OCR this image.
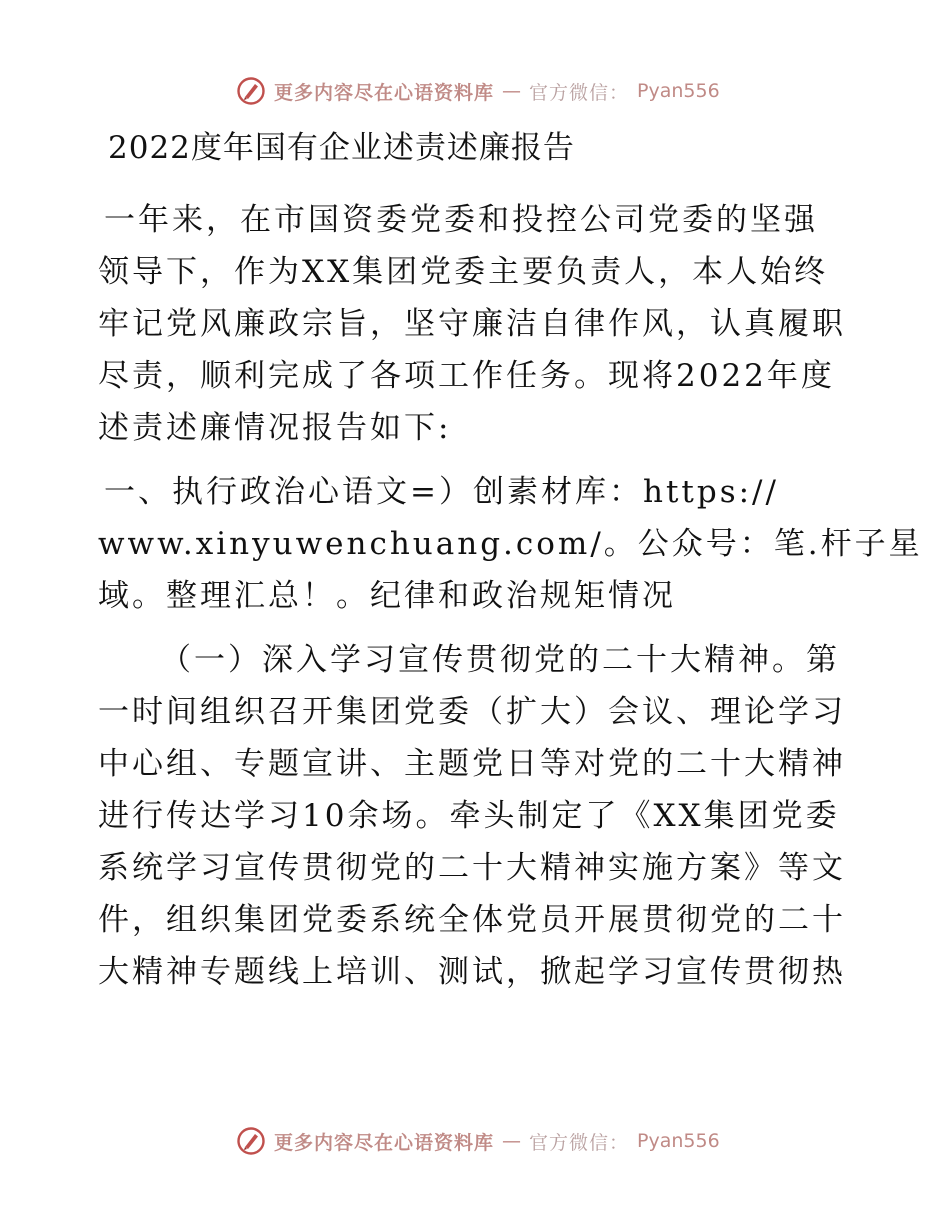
更多内容尽在心语资料库 — 官方微信： Pyan556
2022度年国有企业述责述廉报告
一年来，在市国资委党委和投控公司党委的坚强
领导下，作为XX集团党委主要负责人，本人始终
牢记党风廉政宗旨，坚守廉洁自律作风，认真履职
尽责，顺利完成了各项工作任务。现将2022年度
述责述廉情况报告如下:
一、执行政治心语文=）创素材库：https://
www.xinyuwenchuang.com/。公众号：笔.杆子星
域。整理汇总！。纪律和政治规矩情况
（一）深入学习宣传贯彻党的二十大精神。第
一时间组织召开集团党委（扩大）会议、理论学习
中心组、专题宣讲、主题党日等对党的二十大精神
进行传达学习10余场。牵头制定了《XX集团党委
系统学习宣传贯彻党的二十大精神实施方案》等文
件，组织集团党委系统全体党员开展贯彻党的二十
大精神专题线上培训、测试，掀起学习宣传贯彻热
更多内容尽在心语资料库 — 官方微信： Pyan556
